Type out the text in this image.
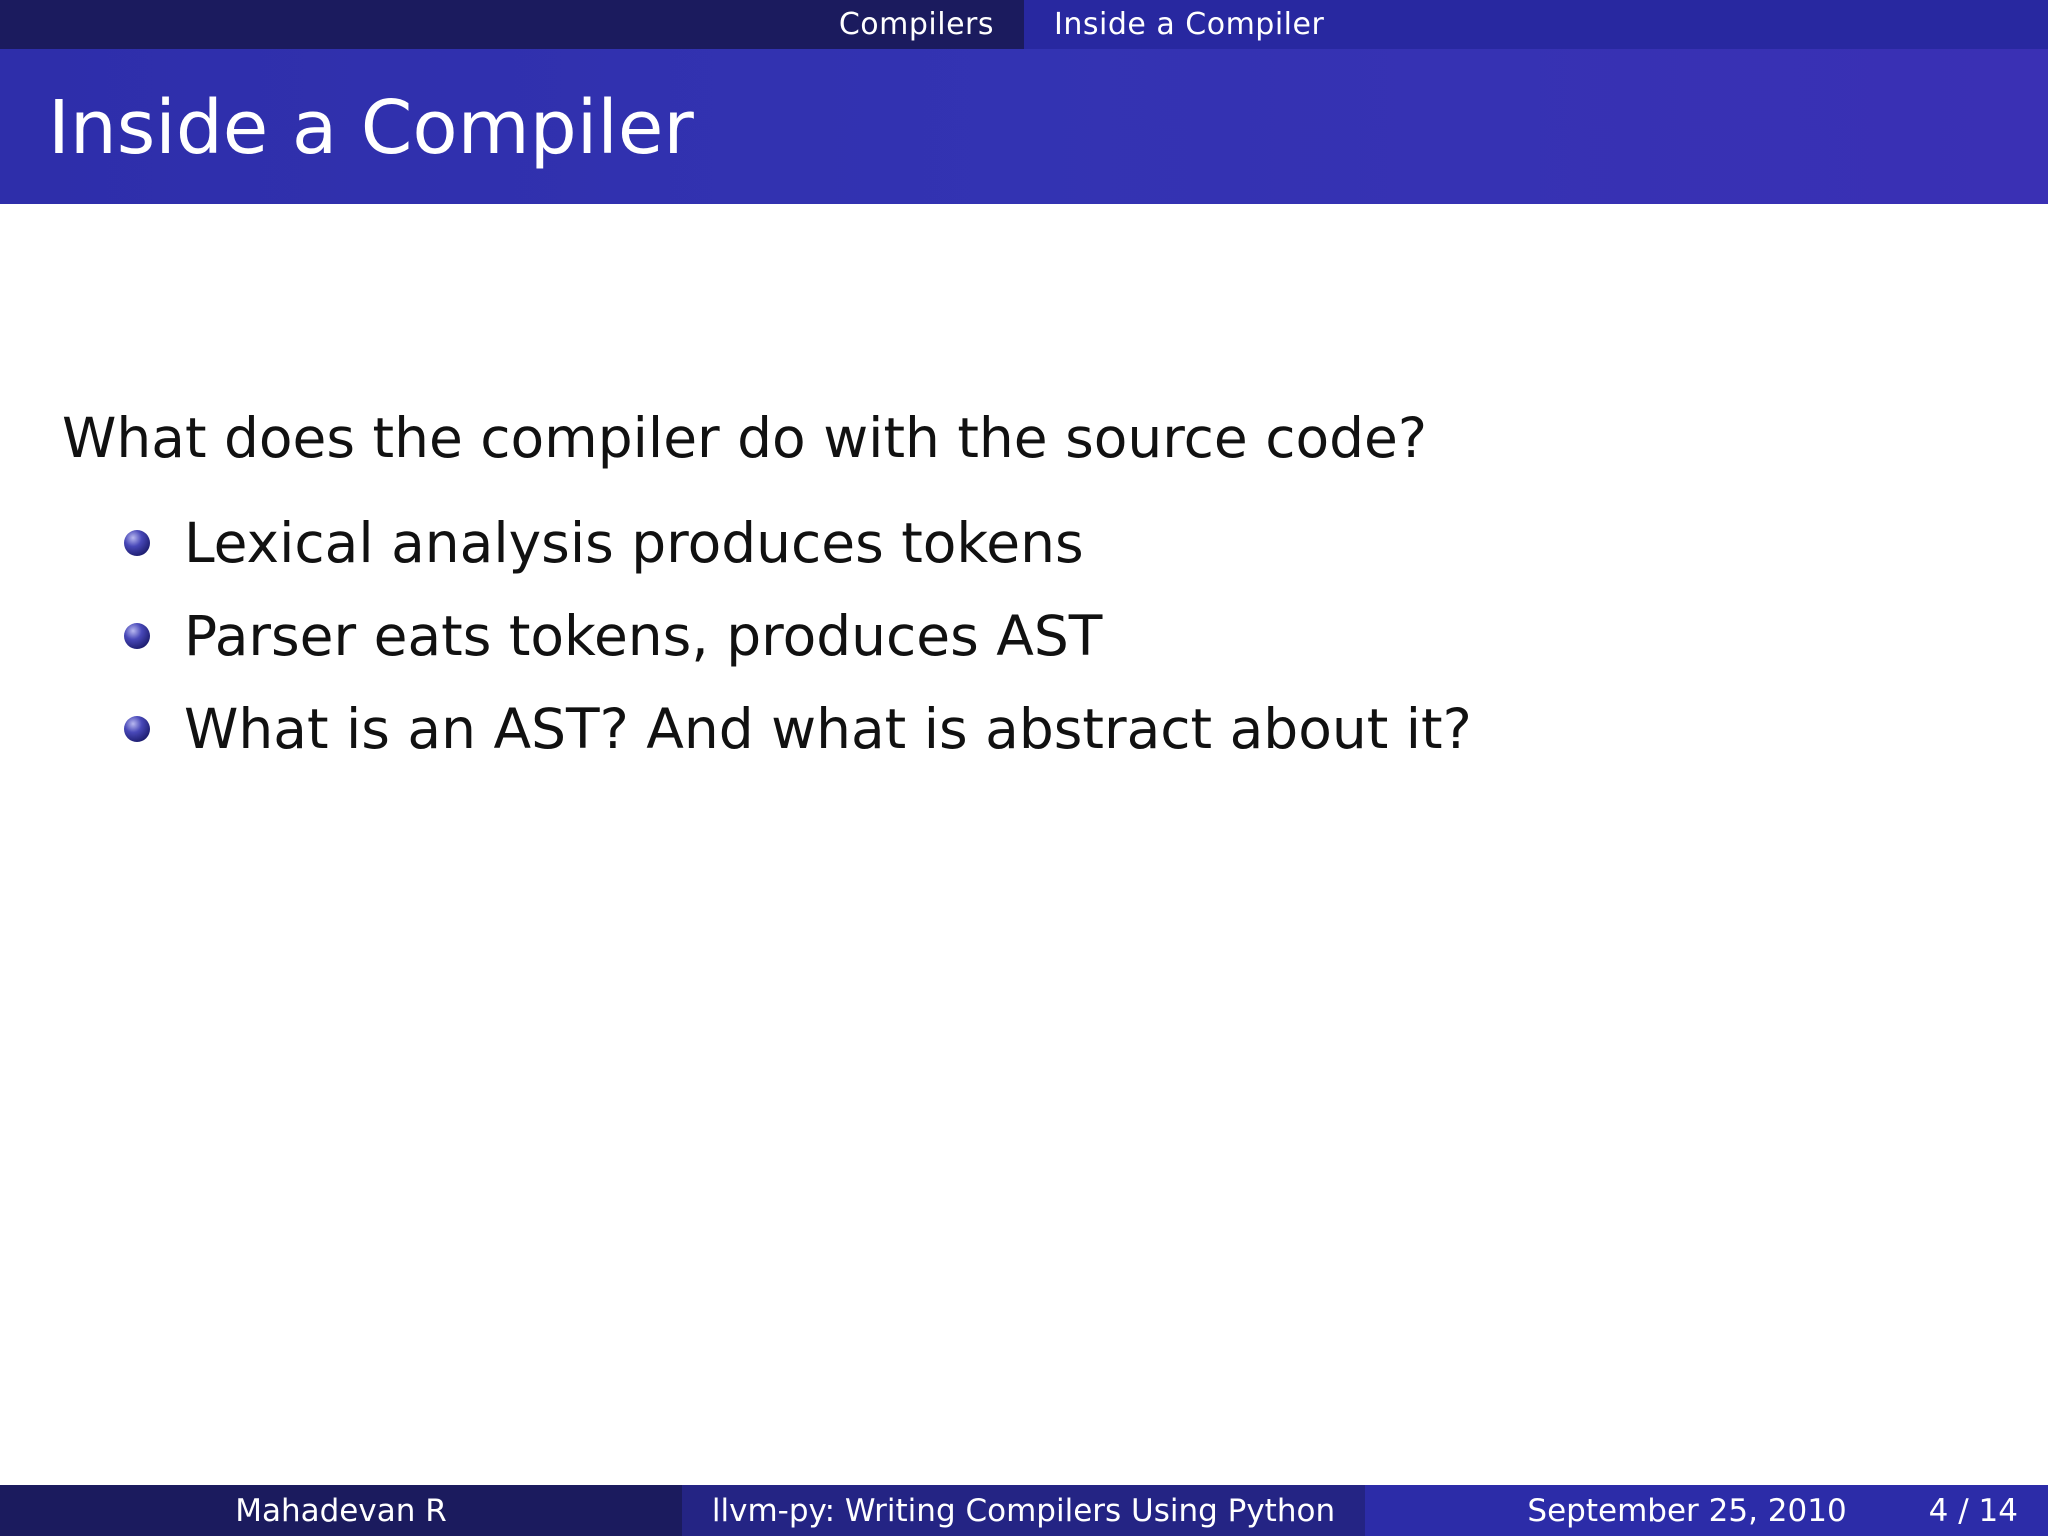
Compilers Inside a Compiler
Inside a Compiler
What does the compiler do with the source code?
Lexical analysis produces tokens
Parser eats tokens, produces AST
What is an AST? And what is abstract about it?
Mahadevan R	llvm-py: Writing Compilers Using Python	September 25, 2010	4 / 14
